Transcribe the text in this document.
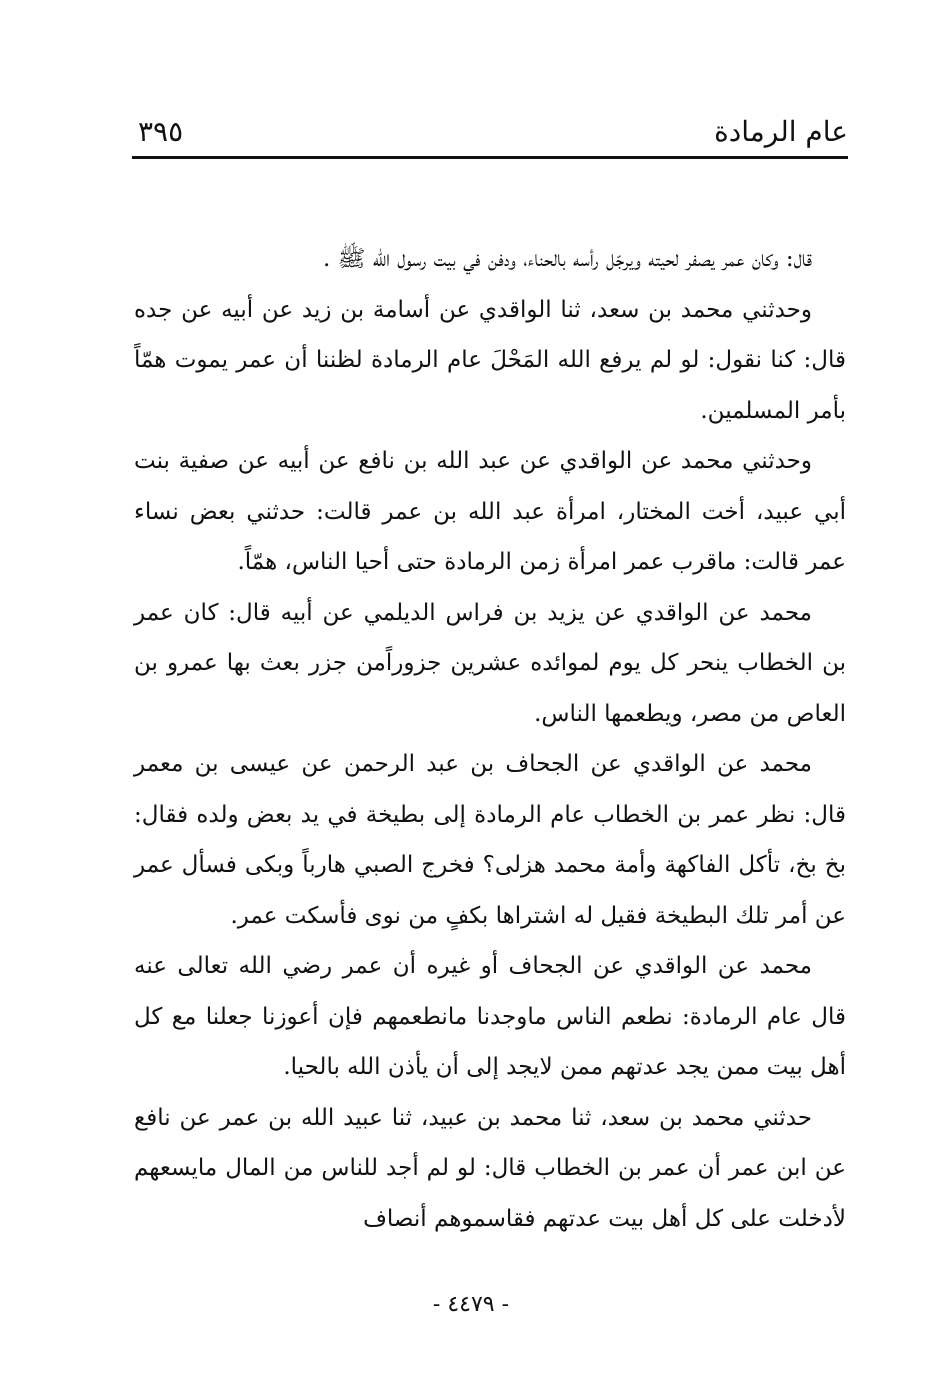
عام الرمادة
٣٩٥

قال: وكان عمر يصفر لحيته ويرجّل رأسه بالحناء، ودفن في بيت رسول الله ﷺ .

وحدثني محمد بن سعد، ثنا الواقدي عن أسامة بن زيد عن أبيه عن جده قال: كنا نقول: لو لم يرفع الله المَحْلَ عام الرمادة لظننا أن عمر يموت همّاً بأمر المسلمين.

وحدثني محمد عن الواقدي عن عبد الله بن نافع عن أبيه عن صفية بنت أبي عبيد، أخت المختار، امرأة عبد الله بن عمر قالت: حدثني بعض نساء عمر قالت: ماقرب عمر امرأة زمن الرمادة حتى أحيا الناس، همّاً.

محمد عن الواقدي عن يزيد بن فراس الديلمي عن أبيه قال: كان عمر بن الخطاب ينحر كل يوم لموائده عشرين جزوراًمن جزر بعث بها عمرو بن العاص من مصر، ويطعمها الناس.

محمد عن الواقدي عن الجحاف بن عبد الرحمن عن عيسى بن معمر قال: نظر عمر بن الخطاب عام الرمادة إلى بطيخة في يد بعض ولده فقال: بخ بخ، تأكل الفاكهة وأمة محمد هزلى؟ فخرج الصبي هارباً وبكى فسأل عمر عن أمر تلك البطيخة فقيل له اشتراها بكفٍ من نوى فأسكت عمر.

محمد عن الواقدي عن الجحاف أو غيره أن عمر رضي الله تعالى عنه قال عام الرمادة: نطعم الناس ماوجدنا مانطعمهم فإن أعوزنا جعلنا مع كل أهل بيت ممن يجد عدتهم ممن لايجد إلى أن يأذن الله بالحيا.

حدثني محمد بن سعد، ثنا محمد بن عبيد، ثنا عبيد الله بن عمر عن نافع عن ابن عمر أن عمر بن الخطاب قال: لو لم أجد للناس من المال مايسعهم لأدخلت على كل أهل بيت عدتهم فقاسموهم أنصاف

- ٤٤٧٩ -
